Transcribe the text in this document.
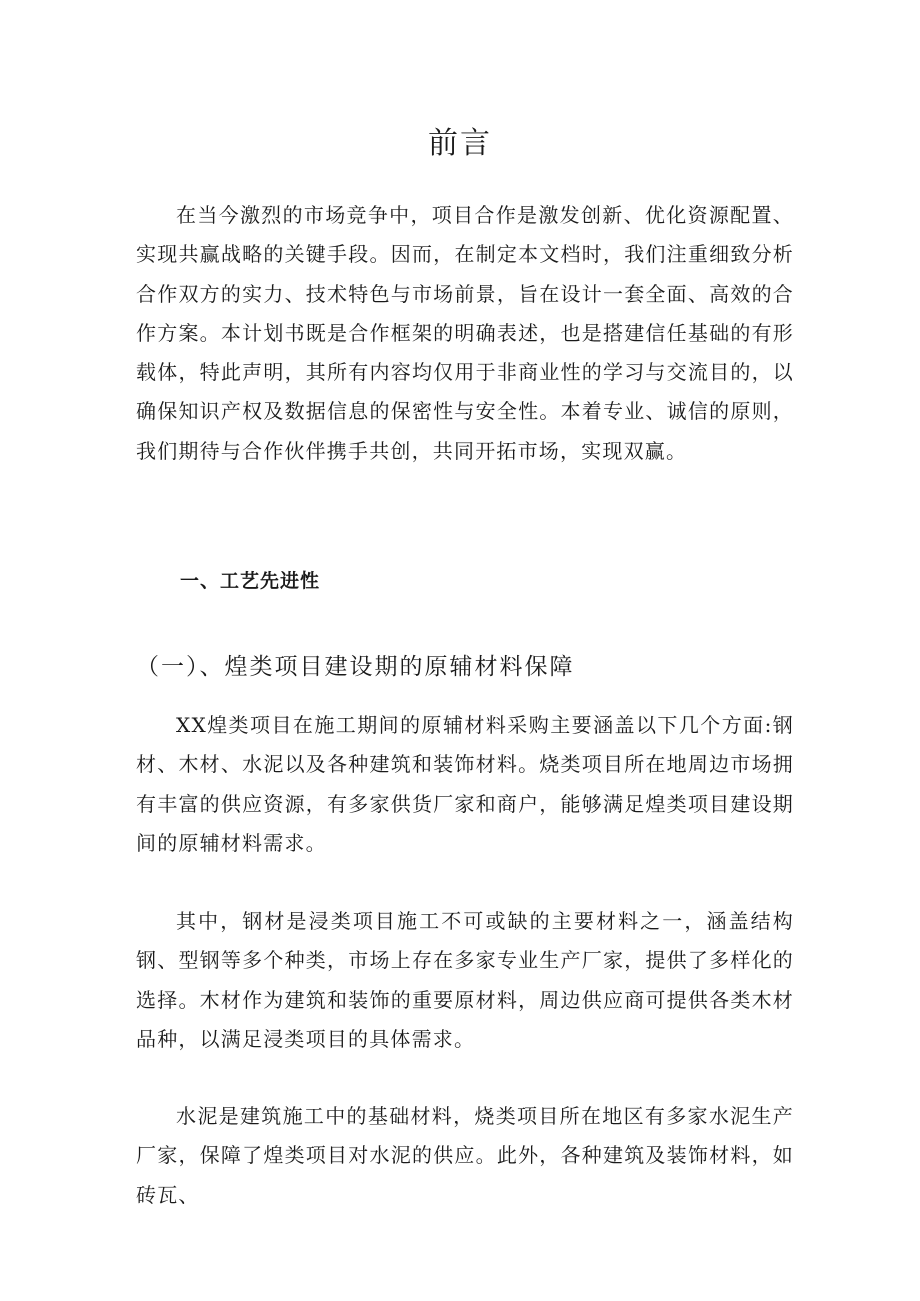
前言

在当今激烈的市场竞争中，项目合作是激发创新、优化资源配置、实现共赢战略的关键手段。因而，在制定本文档时，我们注重细致分析合作双方的实力、技术特色与市场前景，旨在设计一套全面、高效的合作方案。本计划书既是合作框架的明确表述，也是搭建信任基础的有形载体，特此声明，其所有内容均仅用于非商业性的学习与交流目的，以确保知识产权及数据信息的保密性与安全性。本着专业、诚信的原则，我们期待与合作伙伴携手共创，共同开拓市场，实现双赢。

一、工艺先进性
（一）、煌类项目建设期的原辅材料保障

XX煌类项目在施工期间的原辅材料采购主要涵盖以下几个方面:钢材、木材、水泥以及各种建筑和装饰材料。烧类项目所在地周边市场拥有丰富的供应资源，有多家供货厂家和商户，能够满足煌类项目建设期间的原辅材料需求。

其中，钢材是浸类项目施工不可或缺的主要材料之一，涵盖结构钢、型钢等多个种类，市场上存在多家专业生产厂家，提供了多样化的选择。木材作为建筑和装饰的重要原材料，周边供应商可提供各类木材品种，以满足浸类项目的具体需求。

水泥是建筑施工中的基础材料，烧类项目所在地区有多家水泥生产厂家，保障了煌类项目对水泥的供应。此外，各种建筑及装饰材料，如砖瓦、
